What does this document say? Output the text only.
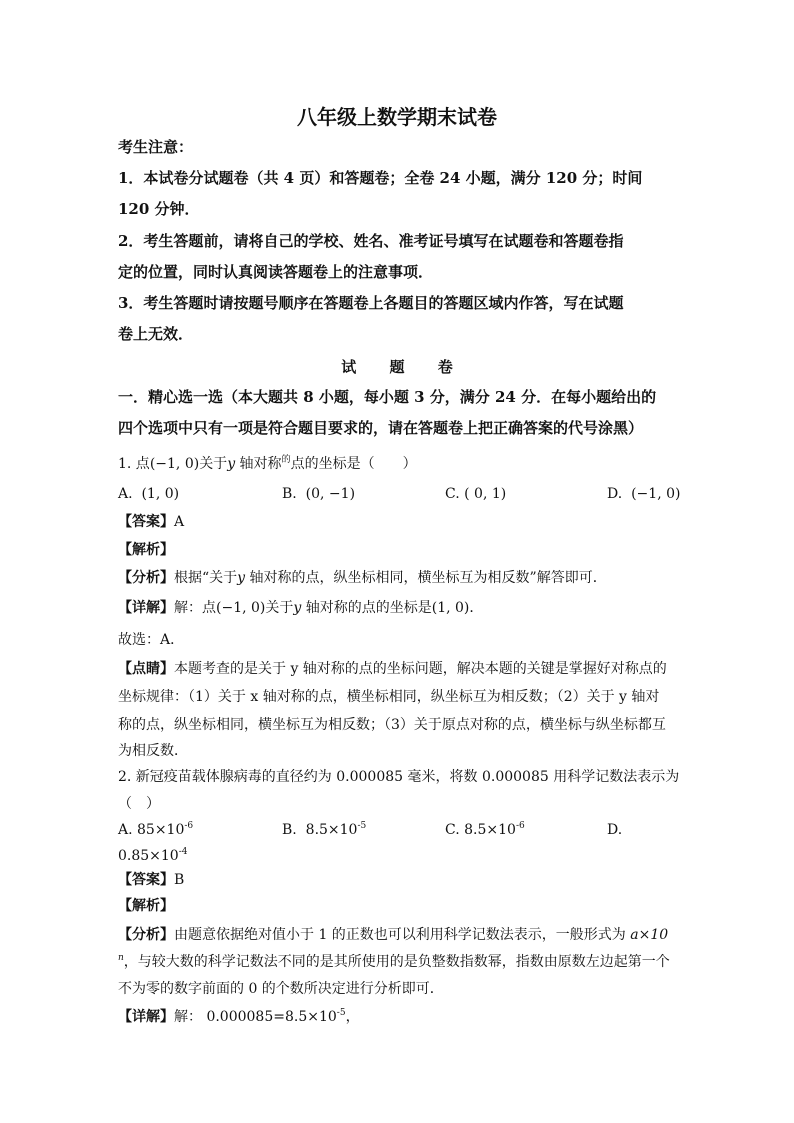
八年级上数学期末试卷
考生注意：
1．本试卷分试题卷（共 4 页）和答题卷；全卷 24 小题，满分 120 分；时间
120 分钟．
2．考生答题前，请将自己的学校、姓名、准考证号填写在试题卷和答题卷指
定的位置，同时认真阅读答题卷上的注意事项．
3．考生答题时请按题号顺序在答题卷上各题目的答题区域内作答，写在试题
卷上无效．
试 题 卷
一．精心选一选（本大题共 8 小题，每小题 3 分，满分 24 分．在每小题给出的
四个选项中只有一项是符合题目要求的，请在答题卷上把正确答案的代号涂黑）
1. 点(−1, 0)关于y 轴对称$^的$点的坐标是（　　）
A. (1, 0)	B. (0, −1)	C. ( 0, 1)	D. (−1, 0)
【答案】A
【解析】
【分析】根据“关于y 轴对称的点，纵坐标相同，横坐标互为相反数”解答即可．
【详解】解：点(−1, 0)关于y 轴对称的点的坐标是(1, 0)．
故选：A．
【点睛】本题考查的是关于 y 轴对称的点的坐标问题，解决本题的关键是掌握好对称点的
坐标规律：（1）关于 x 轴对称的点，横坐标相同，纵坐标互为相反数；（2）关于 y 轴对
称的点，纵坐标相同，横坐标互为相反数；（3）关于原点对称的点，横坐标与纵坐标都互
为相反数．
2. 新冠疫苗载体腺病毒的直径约为 0.000085 毫米，将数 0.000085 用科学记数法表示为
（　）
A. $85\times 10^{-6}$	B. $8.5\times 10^{-5}$	C. $8.5\times 10^{-6}$	D.
$0.85\times 10^{-4}$
【答案】B
【解析】
【分析】由题意依据绝对值小于 1 的正数也可以利用科学记数法表示，一般形式为 a×10
$^n$，与较大数的科学记数法不同的是其所使用的是负整数指数幂，指数由原数左边起第一个
不为零的数字前面的 0 的个数所决定进行分析即可．
【详解】解： $0.000085=8.5\times 10^{-5}$，
